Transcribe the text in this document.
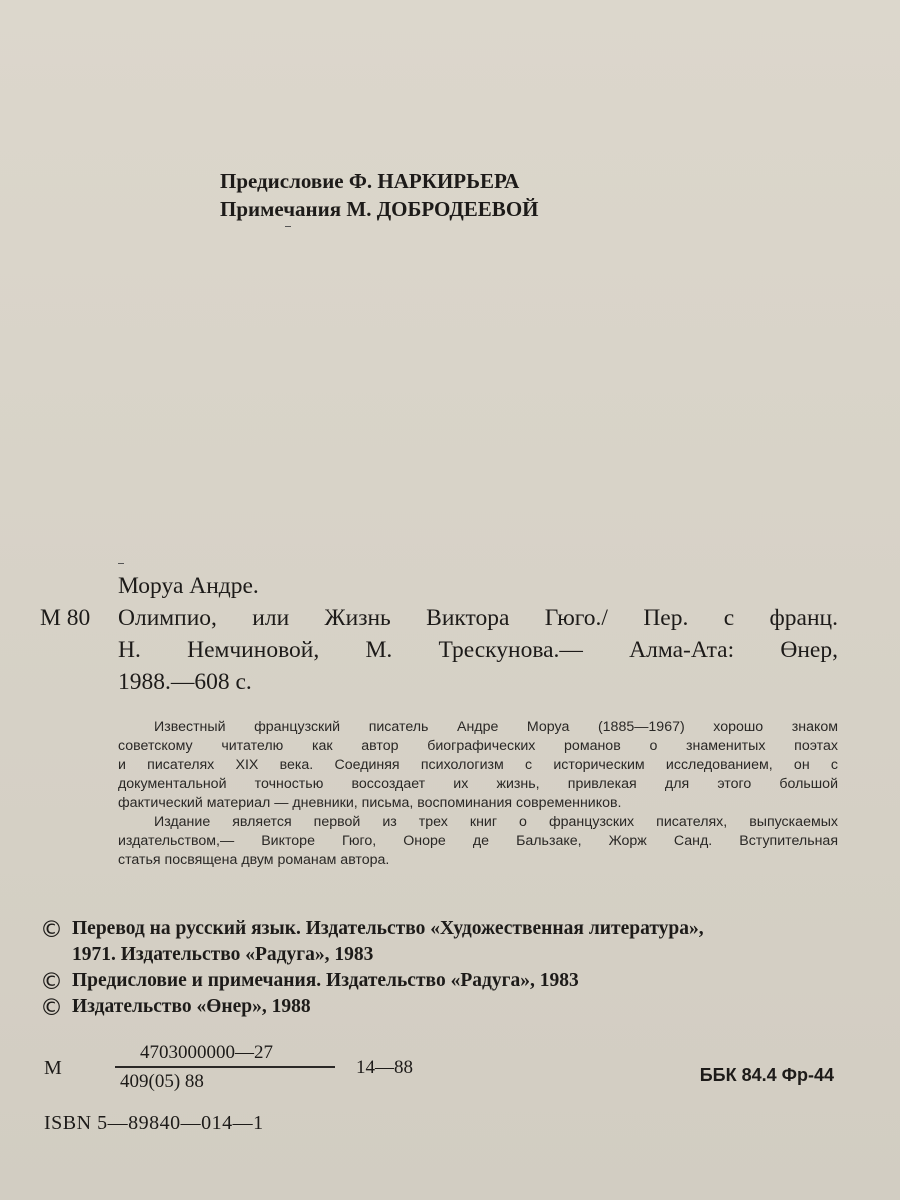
Предисловие Ф. НАРКИРЬЕРА
Примечания М. ДОБРОДЕЕВОЙ
Моруа Андре.
М 80 Олимпио, или Жизнь Виктора Гюго./ Пер. с франц.
Н. Немчиновой, М. Трескунова.— Алма-Ата: Өнер,
1988.—608 с.

Известный французский писатель Андре Моруа (1885—1967) хорошо знаком
советскому читателю как автор биографических романов о знаменитых поэтах
и писателях XIX века. Соединяя психологизм с историческим исследованием, он с
документальной точностью воссоздает их жизнь, привлекая для этого большой
фактический материал — дневники, письма, воспоминания современников.

Издание является первой из трех книг о французских писателях, выпускаемых
издательством,— Викторе Гюго, Оноре де Бальзаке, Жорж Санд. Вступительная
статья посвящена двум романам автора.

© Перевод на русский язык. Издательство «Художественная литература»,
1971. Издательство «Радуга», 1983
© Предисловие и примечания. Издательство «Радуга», 1983
© Издательство «Өнер», 1988
М
4703000000—27
409(05) 88
14—88	ББК 84.4 Фр-44
ISBN 5—89840—014—1
